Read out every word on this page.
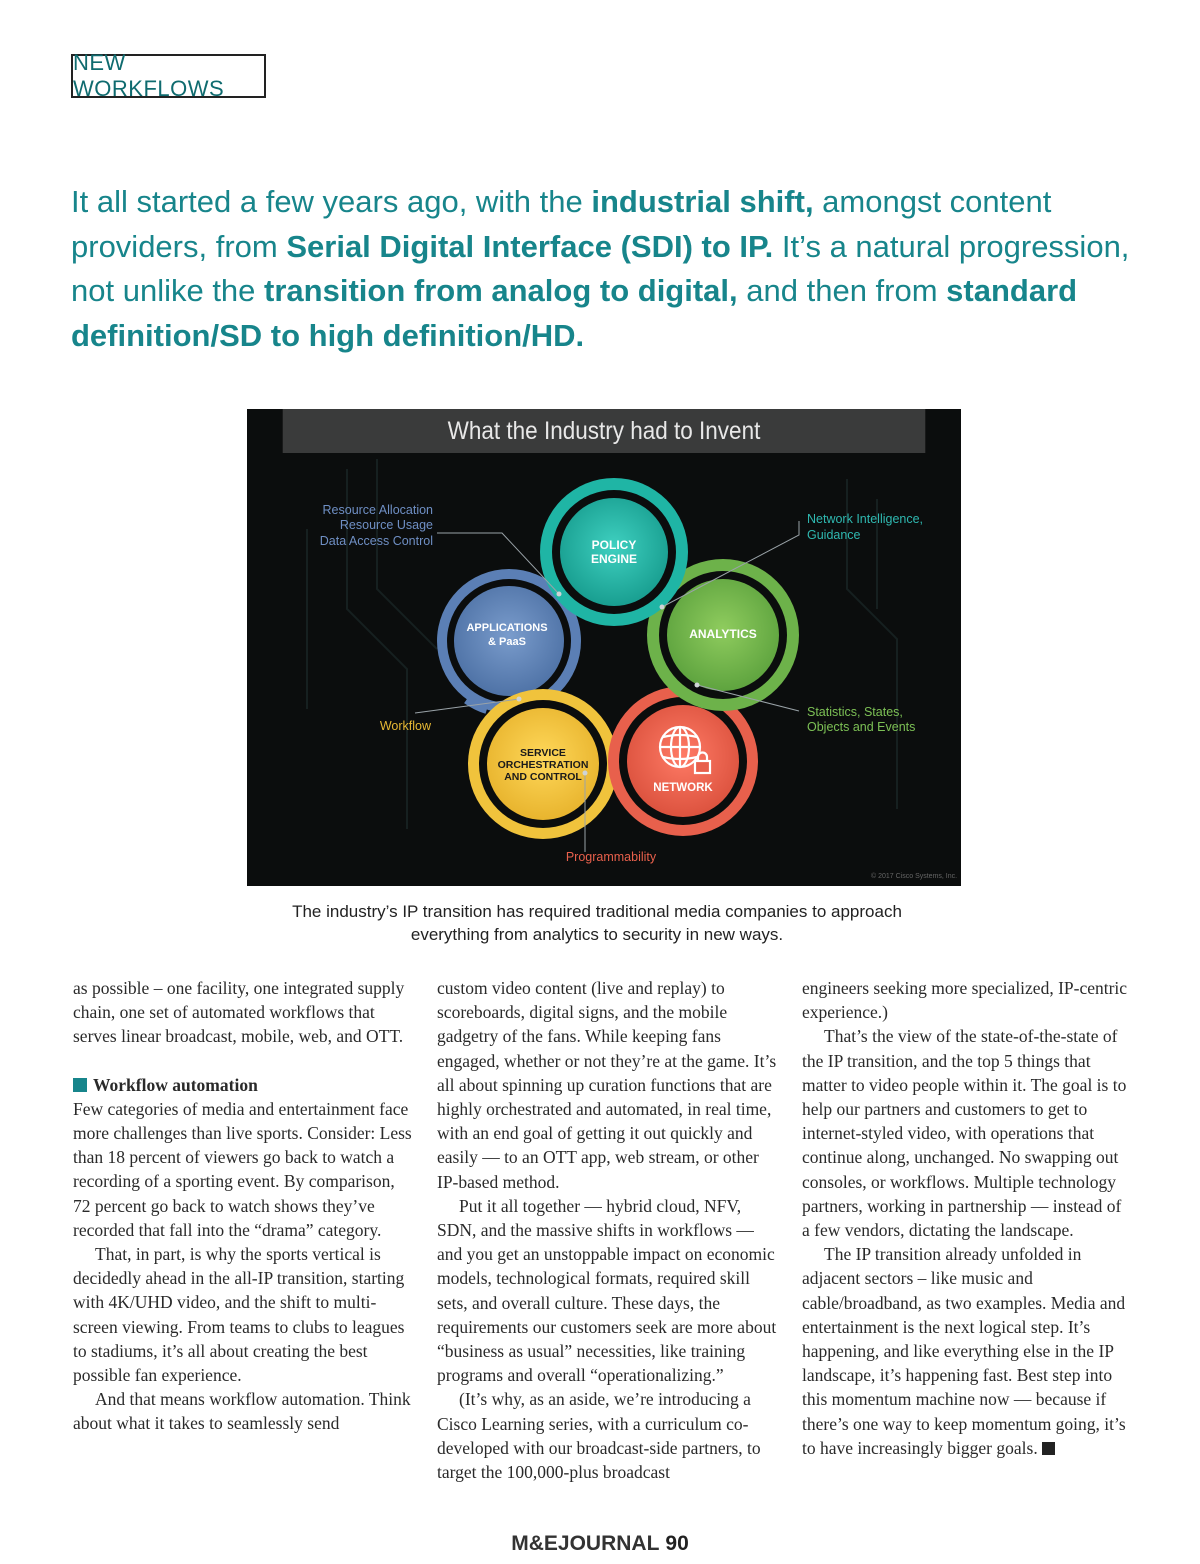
NEW WORKFLOWS
It all started a few years ago, with the industrial shift, amongst content providers, from Serial Digital Interface (SDI) to IP. It’s a natural progression, not unlike the transition from analog to digital, and then from standard definition/SD to high definition/HD.
What the Industry had to Invent
POLICY
ENGINE
APPLICATIONS
& PaaS
ANALYTICS
NETWORK
SERVICE
ORCHESTRATION
AND CONTROL
Resource Allocation
Resource Usage
Data Access Control
Network Intelligence,
Guidance
Workflow
Statistics, States,
Objects and Events
Programmability
© 2017 Cisco Systems, Inc.
The industry’s IP transition has required traditional media companies to approach
everything from analytics to security in new ways.

as possible – one facility, one integrated supply chain, one set of automated workflows that serves linear broadcast, mobile, web, and OTT.

Workflow automation

Few categories of media and entertainment face more challenges than live sports. Consider: Less than 18 percent of viewers go back to watch a recording of a sporting event. By comparison, 72 percent go back to watch shows they’ve recorded that fall into the “drama” category.

That, in part, is why the sports vertical is decidedly ahead in the all-IP transition, starting with 4K/UHD video, and the shift to multi-screen viewing. From teams to clubs to leagues to stadiums, it’s all about creating the best possible fan experience.

And that means workflow automation. Think about what it takes to seamlessly send

custom video content (live and replay) to scoreboards, digital signs, and the mobile gadgetry of the fans. While keeping fans engaged, whether or not they’re at the game. It’s all about spinning up curation functions that are highly orchestrated and automated, in real time, with an end goal of getting it out quickly and easily — to an OTT app, web stream, or other IP-based method.

Put it all together — hybrid cloud, NFV, SDN, and the massive shifts in workflows — and you get an unstoppable impact on economic models, technological formats, required skill sets, and overall culture. These days, the requirements our customers seek are more about “business as usual” necessities, like training programs and overall “operationalizing.”

(It’s why, as an aside, we’re introducing a Cisco Learning series, with a curriculum co-developed with our broadcast-side partners, to target the 100,000-plus broadcast

engineers seeking more specialized, IP-centric experience.)

That’s the view of the state-of-the-state of the IP transition, and the top 5 things that matter to video people within it. The goal is to help our partners and customers to get to internet-styled video, with operations that continue along, unchanged. No swapping out consoles, or workflows. Multiple technology partners, working in partnership — instead of a few vendors, dictating the landscape.

The IP transition already unfolded in adjacent sectors – like music and cable/broadband, as two examples. Media and entertainment is the next logical step. It’s happening, and like everything else in the IP landscape, it’s happening fast. Best step into this momentum machine now — because if there’s one way to keep momentum going, it’s to have increasingly bigger goals.

M&EJOURNAL 90
